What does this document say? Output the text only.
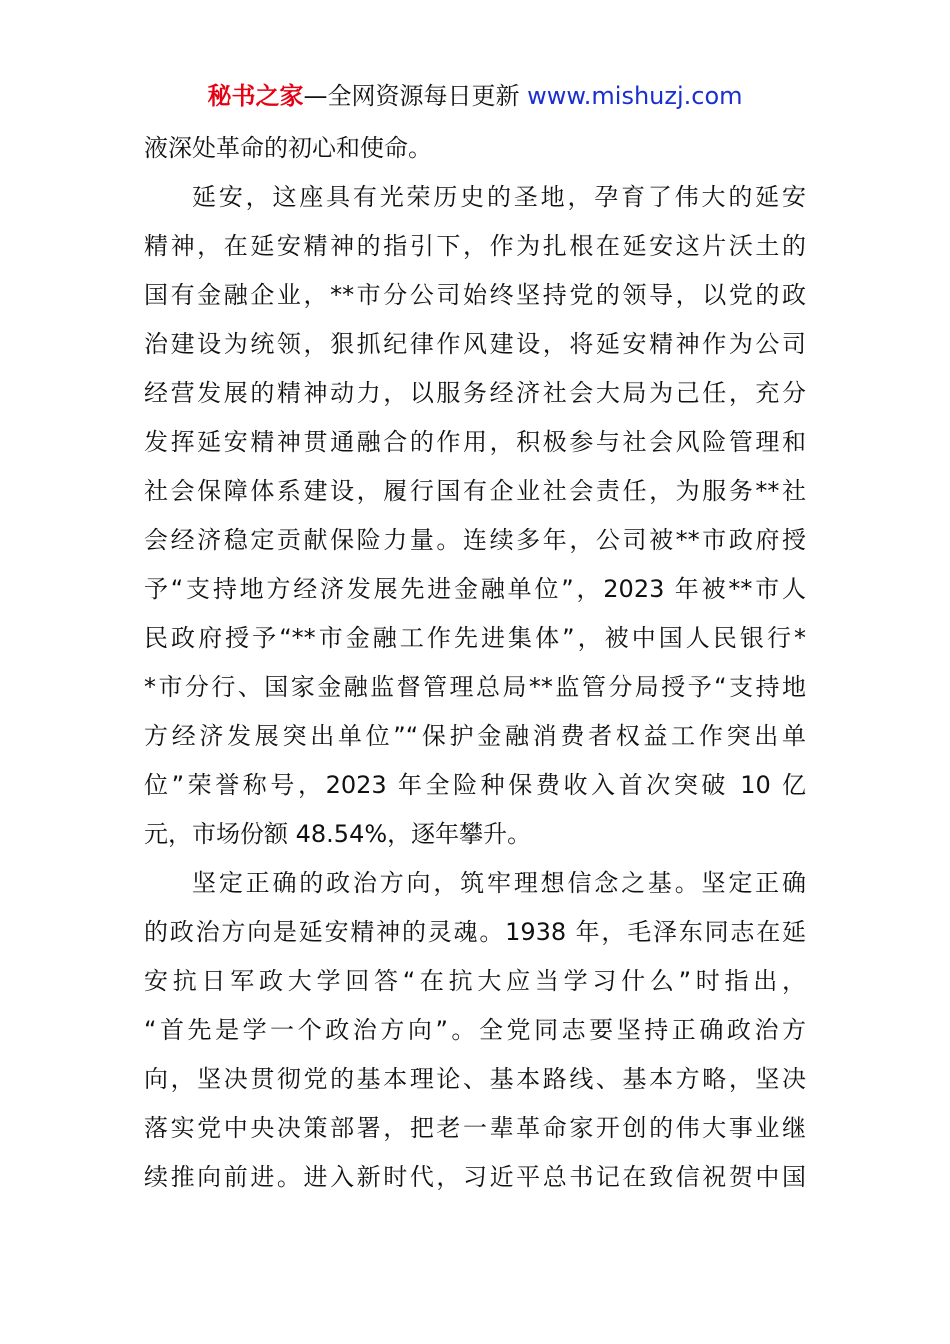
秘书之家—全网资源每日更新 www.mishuzj.com
液深处革命的初心和使命。
延安，这座具有光荣历史的圣地，孕育了伟大的延安
精神，在延安精神的指引下，作为扎根在延安这片沃土的
国有金融企业，**市分公司始终坚持党的领导，以党的政
治建设为统领，狠抓纪律作风建设，将延安精神作为公司
经营发展的精神动力，以服务经济社会大局为己任，充分
发挥延安精神贯通融合的作用，积极参与社会风险管理和
社会保障体系建设，履行国有企业社会责任，为服务**社
会经济稳定贡献保险力量。连续多年，公司被**市政府授
予“支持地方经济发展先进金融单位”，2023 年被**市人
民政府授予“**市金融工作先进集体”，被中国人民银行*
*市分行、国家金融监督管理总局**监管分局授予“支持地
方经济发展突出单位”“保护金融消费者权益工作突出单
位”荣誉称号，2023 年全险种保费收入首次突破 10 亿
元，市场份额 48.54%，逐年攀升。
坚定正确的政治方向，筑牢理想信念之基。坚定正确
的政治方向是延安精神的灵魂。1938 年，毛泽东同志在延
安抗日军政大学回答“在抗大应当学习什么”时指出，
“首先是学一个政治方向”。全党同志要坚持正确政治方
向，坚决贯彻党的基本理论、基本路线、基本方略，坚决
落实党中央决策部署，把老一辈革命家开创的伟大事业继
续推向前进。进入新时代，习近平总书记在致信祝贺中国
